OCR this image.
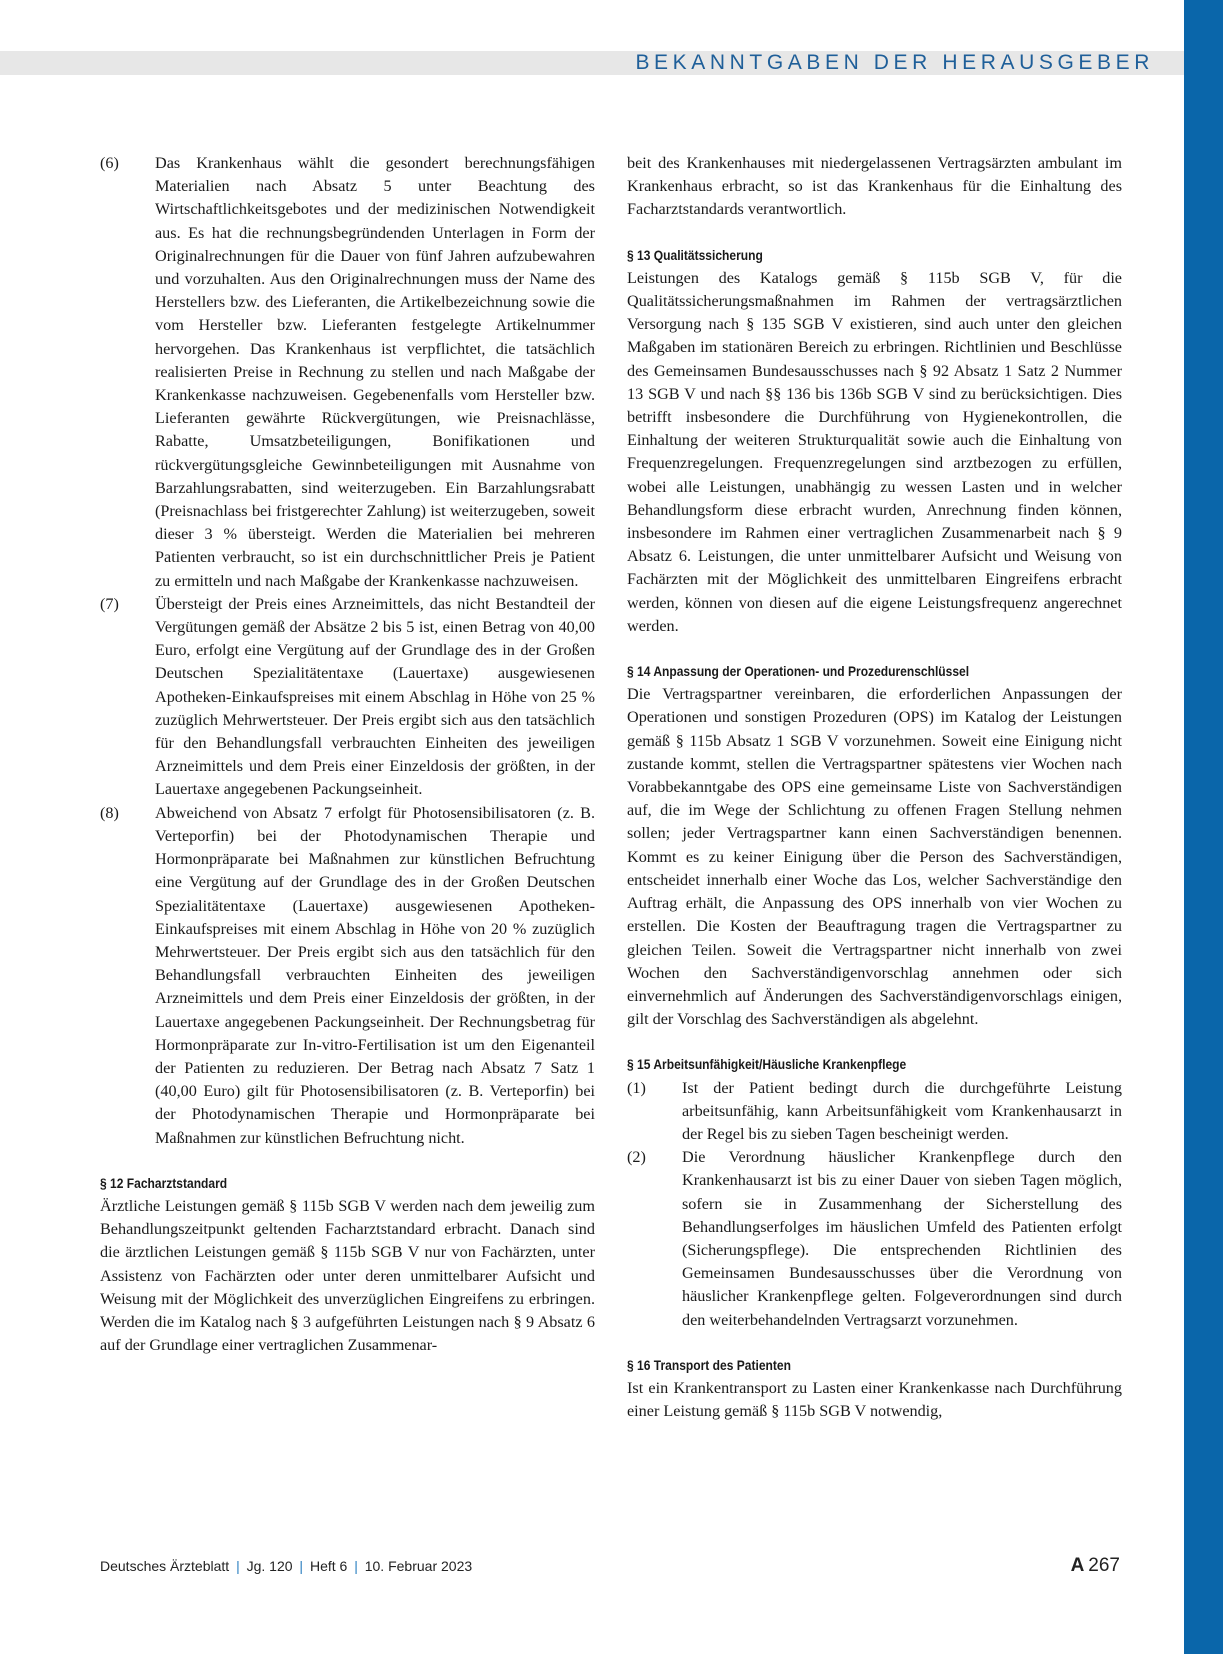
BEKANNTGABEN DER HERAUSGEBER
(6)	Das Krankenhaus wählt die gesondert berechnungsfähigen Materialien nach Absatz 5 unter Beachtung des Wirtschaftlichkeitsgebotes und der medizinischen Notwendigkeit aus. Es hat die rechnungsbegründenden Unterlagen in Form der Originalrechnungen für die Dauer von fünf Jahren aufzubewahren und vorzuhalten. Aus den Originalrechnungen muss der Name des Herstellers bzw. des Lieferanten, die Artikelbezeichnung sowie die vom Hersteller bzw. Lieferanten festgelegte Artikelnummer hervorgehen. Das Krankenhaus ist verpflichtet, die tatsächlich realisierten Preise in Rechnung zu stellen und nach Maßgabe der Krankenkasse nachzuweisen. Gegebenenfalls vom Hersteller bzw. Lieferanten gewährte Rückvergütungen, wie Preisnachlässe, Rabatte, Umsatzbeteiligungen, Bonifikationen und rückvergütungsgleiche Gewinnbeteiligungen mit Ausnahme von Barzahlungsrabatten, sind weiterzugeben. Ein Barzahlungsrabatt (Preisnachlass bei fristgerechter Zahlung) ist weiterzugeben, soweit dieser 3 % übersteigt. Werden die Materialien bei mehreren Patienten verbraucht, so ist ein durchschnittlicher Preis je Patient zu ermitteln und nach Maßgabe der Krankenkasse nachzuweisen.
(7)	Übersteigt der Preis eines Arzneimittels, das nicht Bestandteil der Vergütungen gemäß der Absätze 2 bis 5 ist, einen Betrag von 40,00 Euro, erfolgt eine Vergütung auf der Grundlage des in der Großen Deutschen Spezialitätentaxe (Lauertaxe) ausgewiesenen Apotheken-Einkaufspreises mit einem Abschlag in Höhe von 25 % zuzüglich Mehrwertsteuer. Der Preis ergibt sich aus den tatsächlich für den Behandlungsfall verbrauchten Einheiten des jeweiligen Arzneimittels und dem Preis einer Einzeldosis der größten, in der Lauertaxe angegebenen Packungseinheit.
(8)	Abweichend von Absatz 7 erfolgt für Photosensibilisatoren (z. B. Verteporfin) bei der Photodynamischen Therapie und Hormonpräparate bei Maßnahmen zur künstlichen Befruchtung eine Vergütung auf der Grundlage des in der Großen Deutschen Spezialitätentaxe (Lauertaxe) ausgewiesenen Apotheken-Einkaufspreises mit einem Abschlag in Höhe von 20 % zuzüglich Mehrwertsteuer. Der Preis ergibt sich aus den tatsächlich für den Behandlungsfall verbrauchten Einheiten des jeweiligen Arzneimittels und dem Preis einer Einzeldosis der größten, in der Lauertaxe angegebenen Packungseinheit. Der Rechnungsbetrag für Hormonpräparate zur In-vitro-Fertilisation ist um den Eigenanteil der Patienten zu reduzieren. Der Betrag nach Absatz 7 Satz 1 (40,00 Euro) gilt für Photosensibilisatoren (z. B. Verteporfin) bei der Photodynamischen Therapie und Hormonpräparate bei Maßnahmen zur künstlichen Befruchtung nicht.
§ 12 Facharztstandard

Ärztliche Leistungen gemäß § 115b SGB V werden nach dem jeweilig zum Behandlungszeitpunkt geltenden Facharztstandard erbracht. Danach sind die ärztlichen Leistungen gemäß § 115b SGB V nur von Fachärzten, unter Assistenz von Fachärzten oder unter deren unmittelbarer Aufsicht und Weisung mit der Möglichkeit des unverzüglichen Eingreifens zu erbringen. Werden die im Katalog nach § 3 aufgeführten Leistungen nach § 9 Absatz 6 auf der Grundlage einer vertraglichen Zusammenar-

beit des Krankenhauses mit niedergelassenen Vertragsärzten ambulant im Krankenhaus erbracht, so ist das Krankenhaus für die Einhaltung des Facharztstandards verantwortlich.

§ 13 Qualitätssicherung

Leistungen des Katalogs gemäß § 115b SGB V, für die Qualitätssicherungsmaßnahmen im Rahmen der vertragsärztlichen Versorgung nach § 135 SGB V existieren, sind auch unter den gleichen Maßgaben im stationären Bereich zu erbringen. Richtlinien und Beschlüsse des Gemeinsamen Bundesausschusses nach § 92 Absatz 1 Satz 2 Nummer 13 SGB V und nach §§ 136 bis 136b SGB V sind zu berücksichtigen. Dies betrifft insbesondere die Durchführung von Hygienekontrollen, die Einhaltung der weiteren Strukturqualität sowie auch die Einhaltung von Frequenzregelungen. Frequenzregelungen sind arztbezogen zu erfüllen, wobei alle Leistungen, unabhängig zu wessen Lasten und in welcher Behandlungsform diese erbracht wurden, Anrechnung finden können, insbesondere im Rahmen einer vertraglichen Zusammenarbeit nach § 9 Absatz 6. Leistungen, die unter unmittelbarer Aufsicht und Weisung von Fachärzten mit der Möglichkeit des unmittelbaren Eingreifens erbracht werden, können von diesen auf die eigene Leistungsfrequenz angerechnet werden.

§ 14 Anpassung der Operationen- und Prozedurenschlüssel

Die Vertragspartner vereinbaren, die erforderlichen Anpassungen der Operationen und sonstigen Prozeduren (OPS) im Katalog der Leistungen gemäß § 115b Absatz 1 SGB V vorzunehmen. Soweit eine Einigung nicht zustande kommt, stellen die Vertragspartner spätestens vier Wochen nach Vorabbekanntgabe des OPS eine gemeinsame Liste von Sachverständigen auf, die im Wege der Schlichtung zu offenen Fragen Stellung nehmen sollen; jeder Vertragspartner kann einen Sachverständigen benennen. Kommt es zu keiner Einigung über die Person des Sachverständigen, entscheidet innerhalb einer Woche das Los, welcher Sachverständige den Auftrag erhält, die Anpassung des OPS innerhalb von vier Wochen zu erstellen. Die Kosten der Beauftragung tragen die Vertragspartner zu gleichen Teilen. Soweit die Vertragspartner nicht innerhalb von zwei Wochen den Sachverständigenvorschlag annehmen oder sich einvernehmlich auf Änderungen des Sachverständigenvorschlags einigen, gilt der Vorschlag des Sachverständigen als abgelehnt.

§ 15 Arbeitsunfähigkeit/Häusliche Krankenpflege
(1)	Ist der Patient bedingt durch die durchgeführte Leistung arbeitsunfähig, kann Arbeitsunfähigkeit vom Krankenhausarzt in der Regel bis zu sieben Tagen bescheinigt werden.
(2)	Die Verordnung häuslicher Krankenpflege durch den Krankenhausarzt ist bis zu einer Dauer von sieben Tagen möglich, sofern sie in Zusammenhang der Sicherstellung des Behandlungserfolges im häuslichen Umfeld des Patienten erfolgt (Sicherungspflege). Die entsprechenden Richtlinien des Gemeinsamen Bundesausschusses über die Verordnung von häuslicher Krankenpflege gelten. Folgeverordnungen sind durch den weiterbehandelnden Vertragsarzt vorzunehmen.
§ 16 Transport des Patienten

Ist ein Krankentransport zu Lasten einer Krankenkasse nach Durchführung einer Leistung gemäß § 115b SGB V notwendig,

Deutsches Ärzteblatt | Jg. 120 | Heft 6 | 10. Februar 2023	A 267
